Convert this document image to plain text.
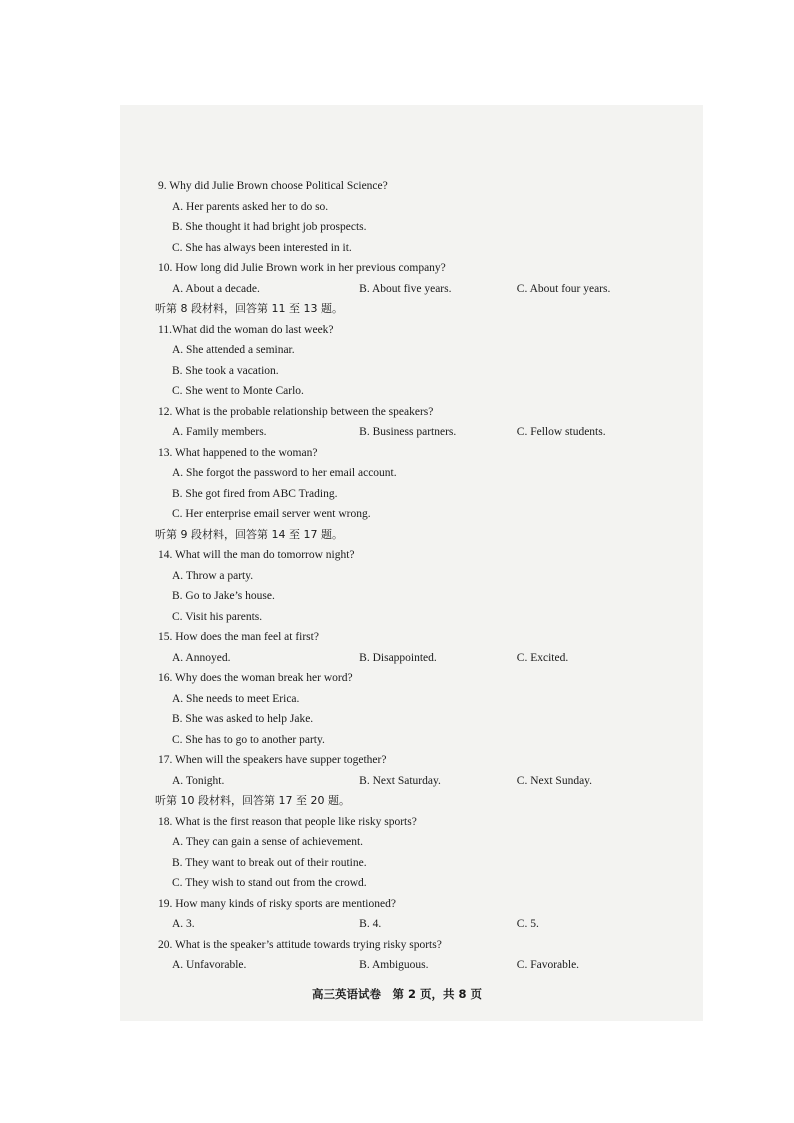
9. Why did Julie Brown choose Political Science?
A. Her parents asked her to do so.
B. She thought it had bright job prospects.
C. She has always been interested in it.
10. How long did Julie Brown work in her previous company?
A. About a decade.	B. About five years.	C. About four years.
听第 8 段材料，回答第 11 至 13 题。
11.What did the woman do last week?
A. She attended a seminar.
B. She took a vacation.
C. She went to Monte Carlo.
12. What is the probable relationship between the speakers?
A. Family members.	B. Business partners.	C. Fellow students.
13. What happened to the woman?
A. She forgot the password to her email account.
B. She got fired from ABC Trading.
C. Her enterprise email server went wrong.
听第 9 段材料，回答第 14 至 17 题。
14. What will the man do tomorrow night?
A. Throw a party.
B. Go to Jake’s house.
C. Visit his parents.
15. How does the man feel at first?
A. Annoyed.	B. Disappointed.	C. Excited.
16. Why does the woman break her word?
A. She needs to meet Erica.
B. She was asked to help Jake.
C. She has to go to another party.
17. When will the speakers have supper together?
A. Tonight.	B. Next Saturday.	C. Next Sunday.
听第 10 段材料，回答第 17 至 20 题。
18. What is the first reason that people like risky sports?
A. They can gain a sense of achievement.
B. They want to break out of their routine.
C. They wish to stand out from the crowd.
19. How many kinds of risky sports are mentioned?
A. 3.	B. 4.	C. 5.
20. What is the speaker’s attitude towards trying risky sports?
A. Unfavorable.	B. Ambiguous.	C. Favorable.
高三英语试卷　第 2 页，共 8 页
